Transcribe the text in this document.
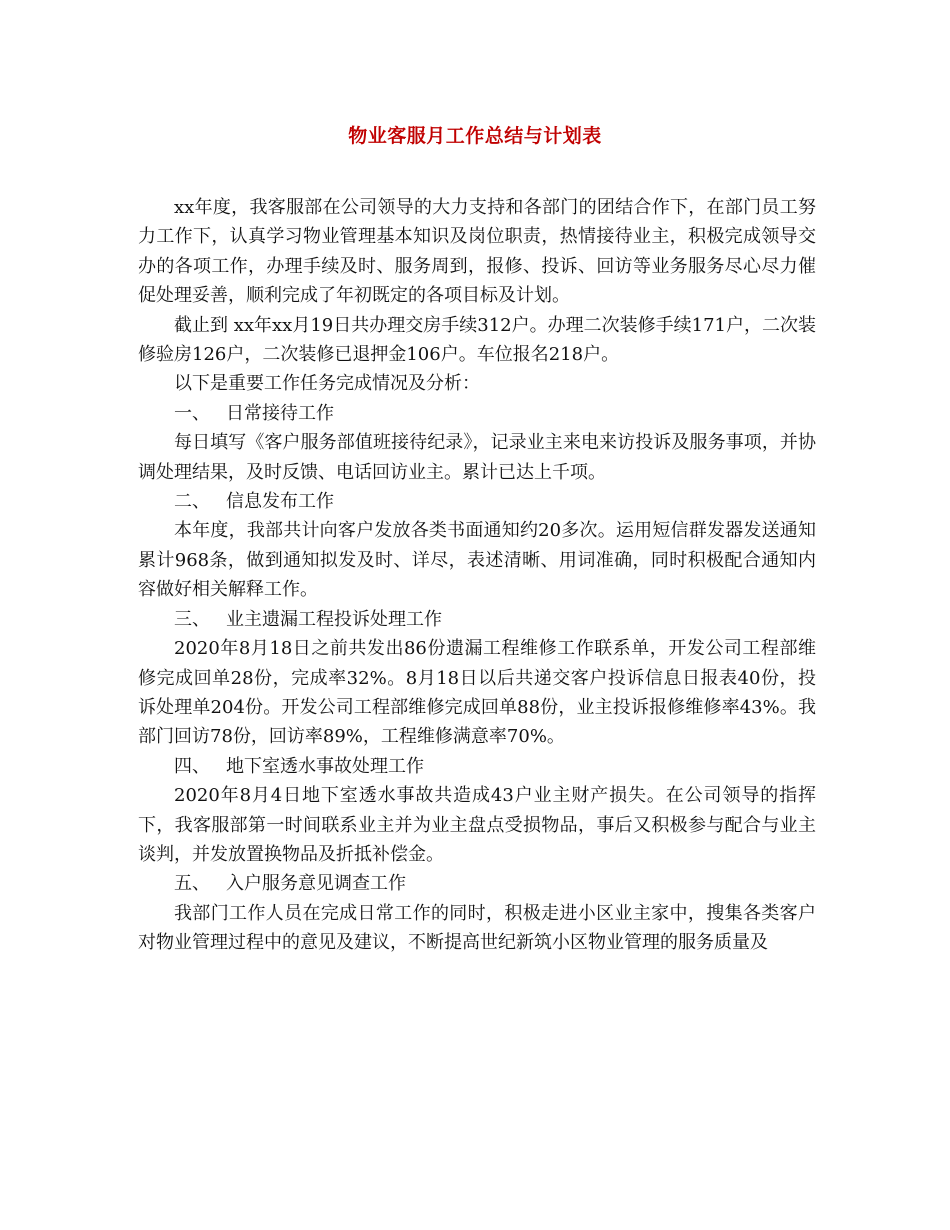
物业客服月工作总结与计划表

xx年度，我客服部在公司领导的大力支持和各部门的团结合作下，在部门员工努力工作下，认真学习物业管理基本知识及岗位职责，热情接待业主，积极完成领导交办的各项工作，办理手续及时、服务周到，报修、投诉、回访等业务服务尽心尽力催促处理妥善，顺利完成了年初既定的各项目标及计划。

截止到 xx年xx月19日共办理交房手续312户。办理二次装修手续171户，二次装修验房126户，二次装修已退押金106户。车位报名218户。

以下是重要工作任务完成情况及分析：

一、 日常接待工作

每日填写《客户服务部值班接待纪录》，记录业主来电来访投诉及服务事项，并协调处理结果，及时反馈、电话回访业主。累计已达上千项。

二、 信息发布工作

本年度，我部共计向客户发放各类书面通知约20多次。运用短信群发器发送通知累计968条，做到通知拟发及时、详尽，表述清晰、用词准确，同时积极配合通知内容做好相关解释工作。

三、 业主遗漏工程投诉处理工作

2020年8月18日之前共发出86份遗漏工程维修工作联系单，开发公司工程部维修完成回单28份，完成率32%。8月18日以后共递交客户投诉信息日报表40份，投诉处理单204份。开发公司工程部维修完成回单88份，业主投诉报修维修率43%。我部门回访78份，回访率89%，工程维修满意率70%。

四、 地下室透水事故处理工作

2020年8月4日地下室透水事故共造成43户业主财产损失。在公司领导的指挥下，我客服部第一时间联系业主并为业主盘点受损物品，事后又积极参与配合与业主谈判，并发放置换物品及折抵补偿金。

五、 入户服务意见调查工作

我部门工作人员在完成日常工作的同时，积极走进小区业主家中，搜集各类客户对物业管理过程中的意见及建议，不断提高世纪新筑小区物业管理的服务质量及
